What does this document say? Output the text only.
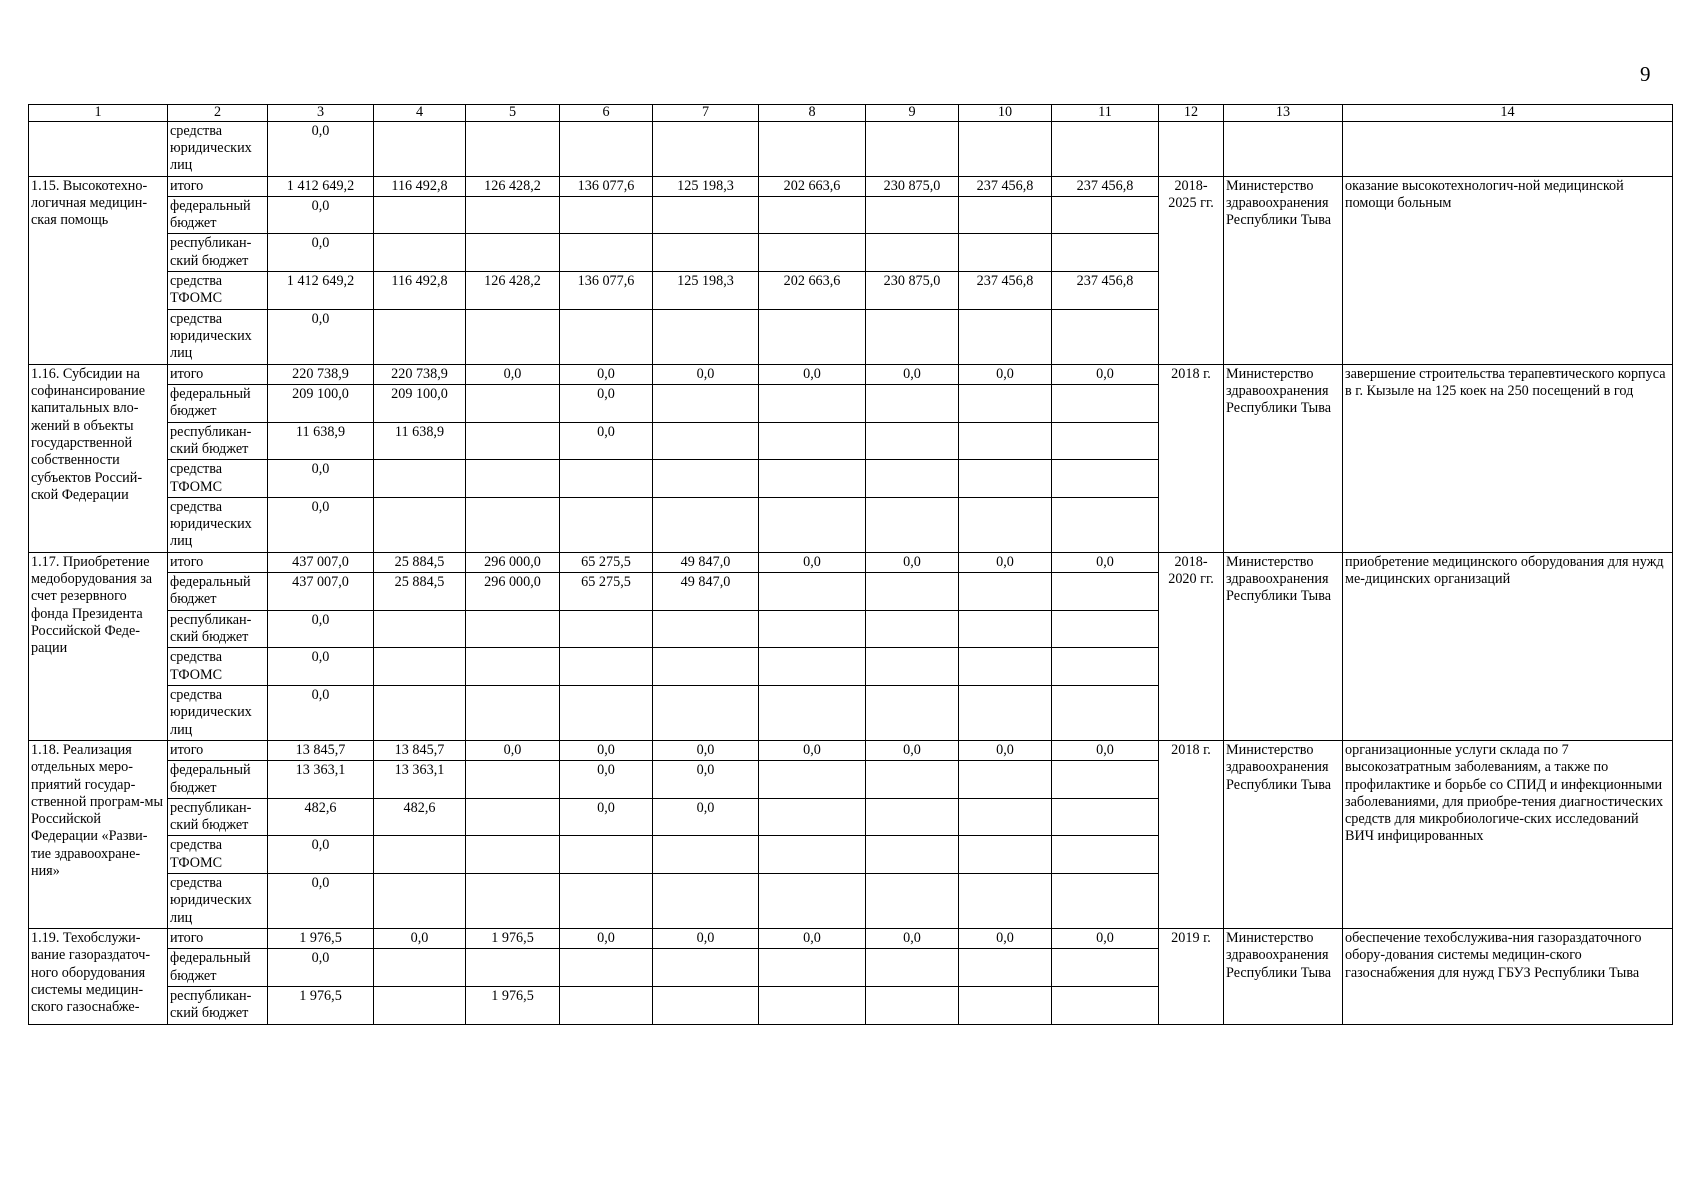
9
1	2	3	4	5	6	7	8	9	10	11	12	13	14
	средства юридических лиц	0,0											
1.15. Высокотехно-логичная медицин-ская помощь	итого	1 412 649,2	116 492,8	126 428,2	136 077,6	125 198,3	202 663,6	230 875,0	237 456,8	237 456,8	2018-2025 гг.	Министерство здравоохранения Республики Тыва	оказание высокотехнологич-ной медицинской помощи больным
	федеральный бюджет	0,0											
	республикан-ский бюджет	0,0											
	средства ТФОМС	1 412 649,2	116 492,8	126 428,2	136 077,6	125 198,3	202 663,6	230 875,0	237 456,8	237 456,8			
	средства юридических лиц	0,0											
1.16. Субсидии на софинансирование капитальных вло-жений в объекты государственной собственности субъектов Россий-ской Федерации	итого	220 738,9	220 738,9	0,0	0,0	0,0	0,0	0,0	0,0	0,0	2018 г.	Министерство здравоохранения Республики Тыва	завершение строительства терапевтического корпуса в г. Кызыле на 125 коек на 250 посещений в год
	федеральный бюджет	209 100,0	209 100,0		0,0								
	республикан-ский бюджет	11 638,9	11 638,9		0,0								
	средства ТФОМС	0,0											
	средства юридических лиц	0,0											
1.17. Приобретение медоборудования за счет резервного фонда Президента Российской Феде-рации	итого	437 007,0	25 884,5	296 000,0	65 275,5	49 847,0	0,0	0,0	0,0	0,0	2018-2020 гг.	Министерство здравоохранения Республики Тыва	приобретение медицинского оборудования для нужд ме-дицинских организаций
	федеральный бюджет	437 007,0	25 884,5	296 000,0	65 275,5	49 847,0							
	республикан-ский бюджет	0,0											
	средства ТФОМС	0,0											
	средства юридических лиц	0,0											
1.18. Реализация отдельных меро-приятий государ-ственной програм-мы Российской Федерации «Разви-тие здравоохране-ния»	итого	13 845,7	13 845,7	0,0	0,0	0,0	0,0	0,0	0,0	0,0	2018 г.	Министерство здравоохранения Республики Тыва	организационные услуги склада по 7 высокозатратным заболеваниям, а также по профилактике и борьбе со СПИД и инфекционными заболеваниями, для приобре-тения диагностических средств для микробиологиче-ских исследований ВИЧ инфицированных
	федеральный бюджет	13 363,1	13 363,1		0,0	0,0							
	республикан-ский бюджет	482,6	482,6		0,0	0,0							
	средства ТФОМС	0,0											
	средства юридических лиц	0,0											
1.19. Техобслужи-вание газораздаточ-ного оборудования системы медицин-ского газоснабже-	итого	1 976,5	0,0	1 976,5	0,0	0,0	0,0	0,0	0,0	0,0	2019 г.	Министерство здравоохранения Республики Тыва	обеспечение техобслужива-ния газораздаточного обору-дования системы медицин-ского газоснабжения для нужд ГБУЗ Республики Тыва
	федеральный бюджет	0,0											
	республикан-ский бюджет	1 976,5		1 976,5									
